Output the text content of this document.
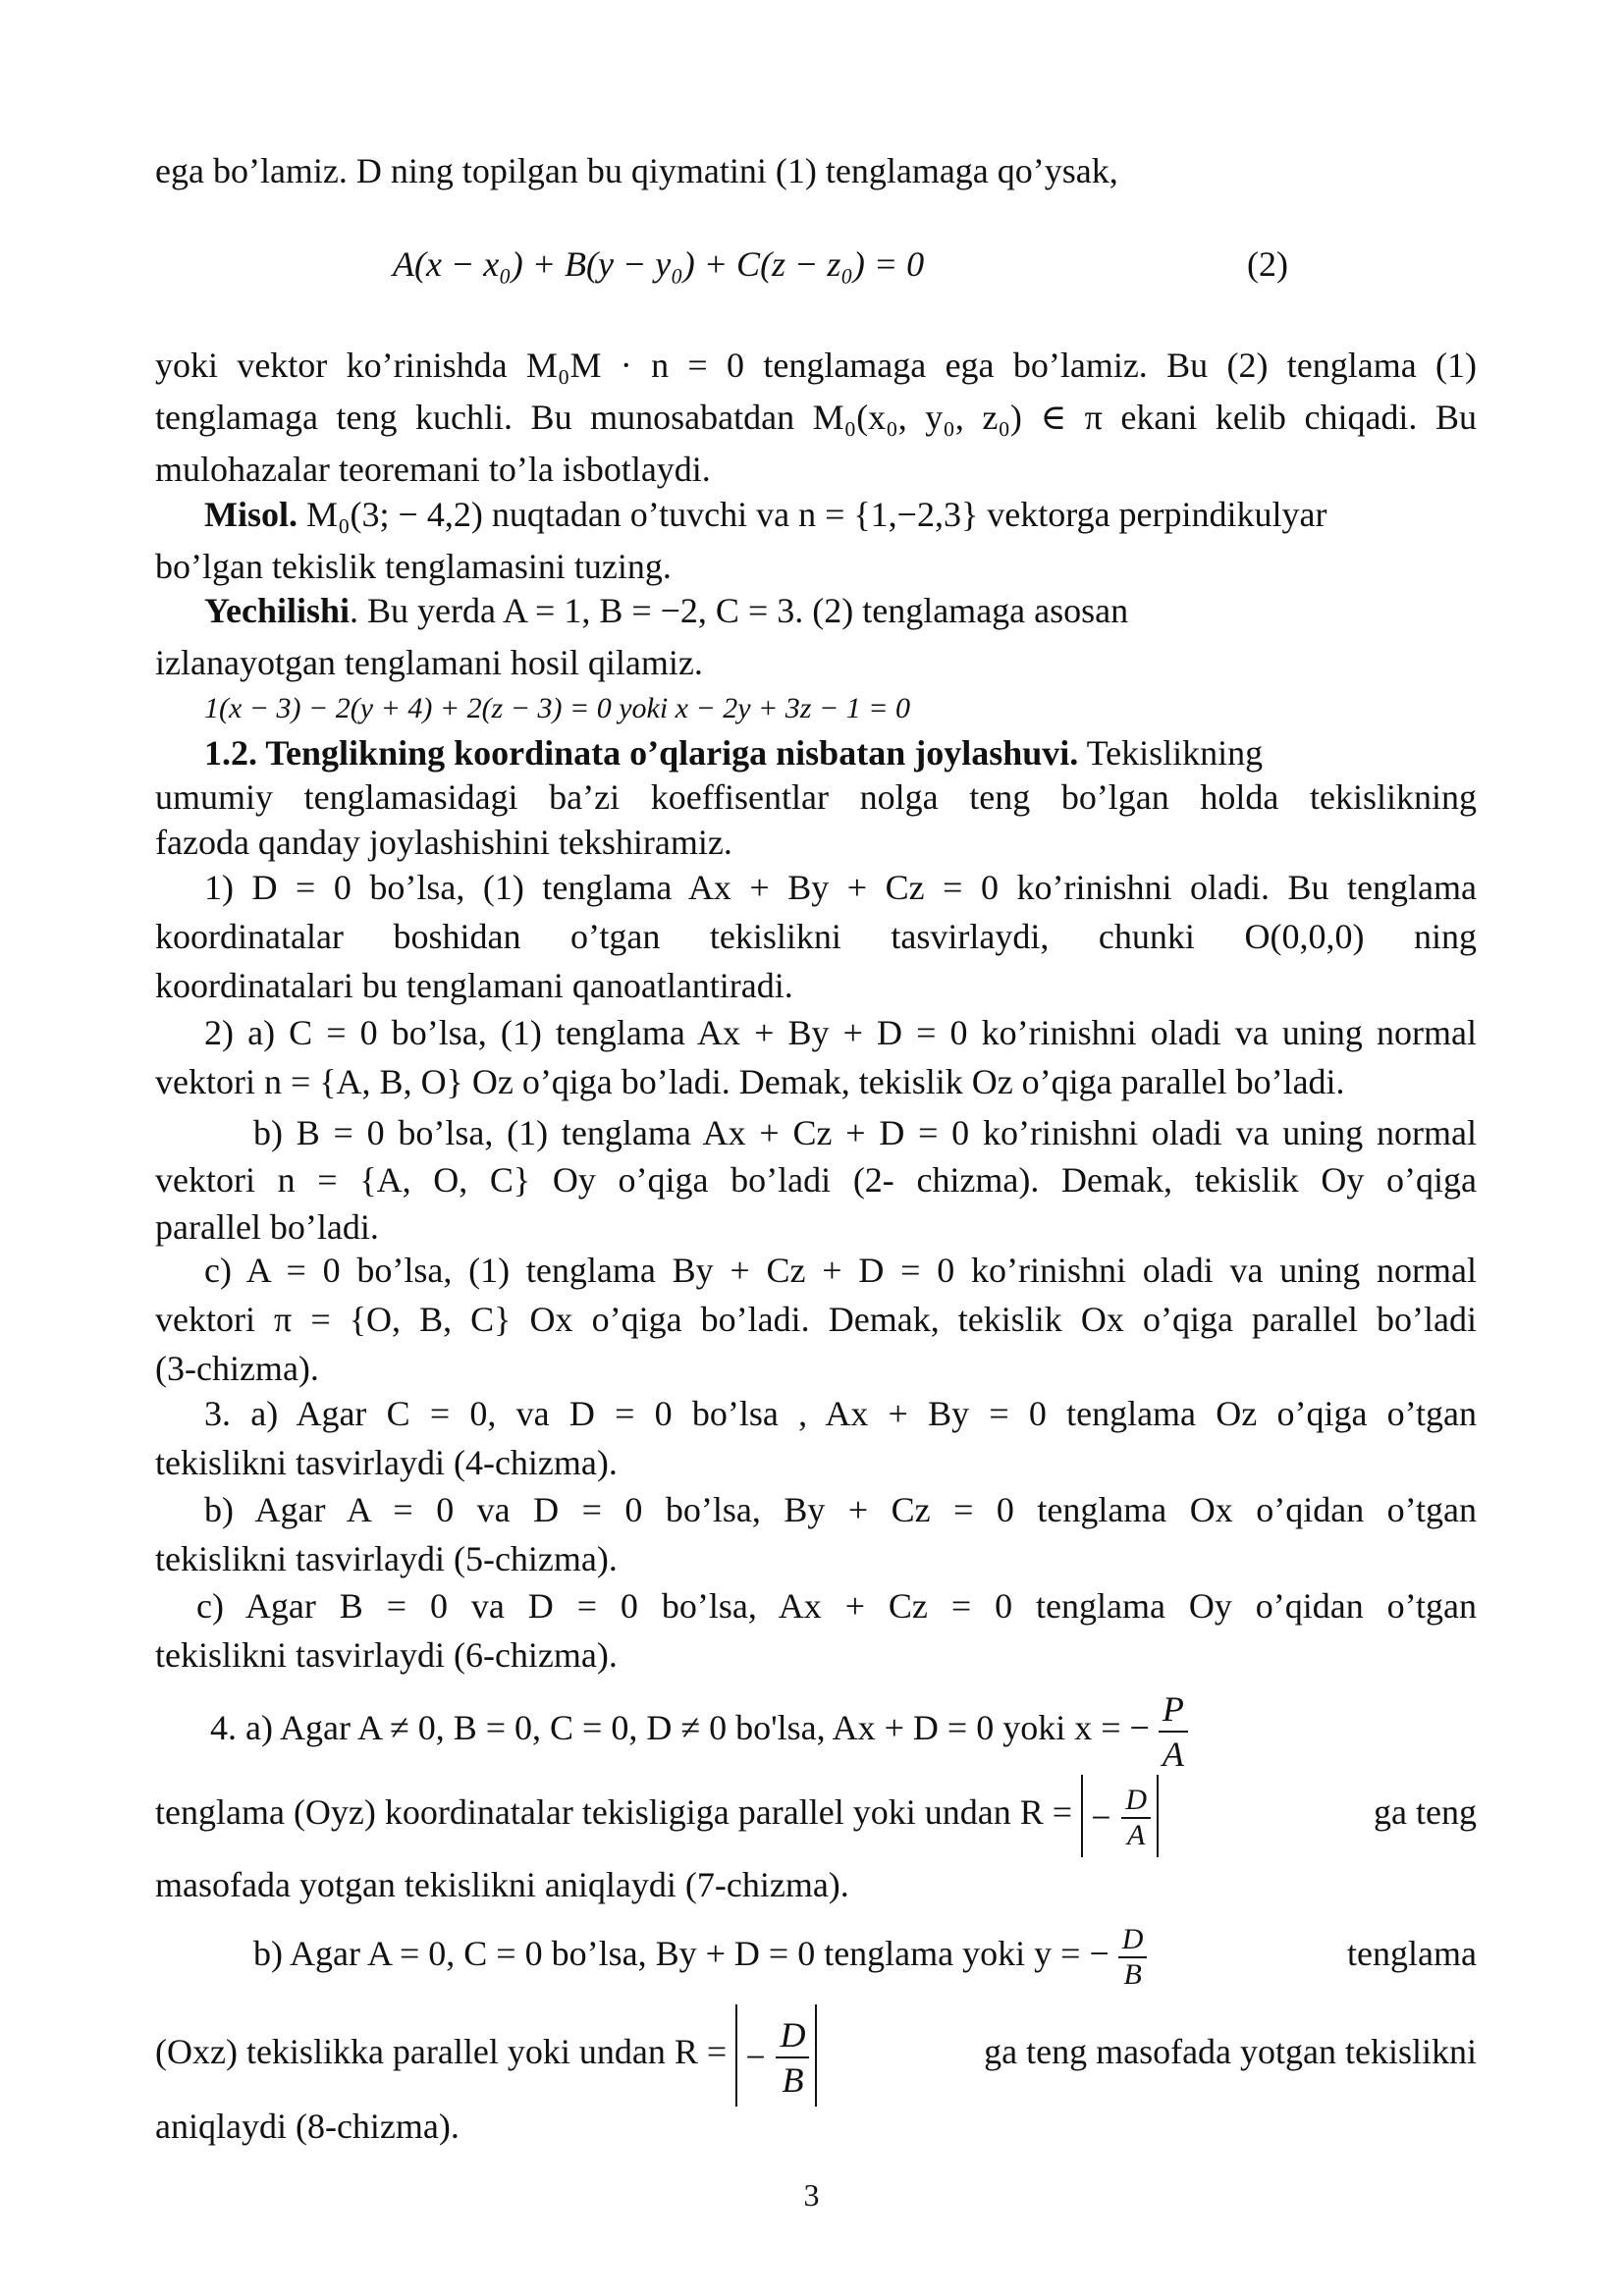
ega bo’lamiz. D ning topilgan bu qiymatini (1) tenglamaga qo’ysak,
A(x − x₀) + B(y − y₀) + C(z − z₀) = 0	(2)
yoki vektor ko’rinishda M₀M · n = 0 tenglamaga ega bo’lamiz. Bu (2) tenglama (1)
tenglamaga teng kuchli. Bu munosabatdan M₀(x₀, y₀, z₀) ∈ π ekani kelib chiqadi. Bu
mulohazalar teoremani to’la isbotlaydi.
Misol. M₀(3; − 4,2) nuqtadan o’tuvchi va n = {1,−2,3} vektorga perpindikulyar
bo’lgan tekislik tenglamasini tuzing.
Yechilishi. Bu yerda A = 1, B = −2, C = 3. (2) tenglamaga asosan
izlanayotgan tenglamani hosil qilamiz.
1(x − 3) − 2(y + 4) + 2(z − 3) = 0 yoki x − 2y + 3z − 1 = 0
1.2. Tenglikning koordinata o’qlariga nisbatan joylashuvi. Tekislikning
umumiy tenglamasidagi ba’zi koeffisentlar nolga teng bo’lgan holda tekislikning
fazoda qanday joylashishini tekshiramiz.
1) D = 0 bo’lsa, (1) tenglama Ax + By + Cz = 0 ko’rinishni oladi. Bu tenglama
koordinatalar boshidan o’tgan tekislikni tasvirlaydi, chunki O(0,0,0) ning
koordinatalari bu tenglamani qanoatlantiradi.
2) a) C = 0 bo’lsa, (1) tenglama Ax + By + D = 0 ko’rinishni oladi va uning normal
vektori n = {A, B, O} Oz o’qiga bo’ladi. Demak, tekislik Oz o’qiga parallel bo’ladi.
b) B = 0 bo’lsa, (1) tenglama Ax + Cz + D = 0 ko’rinishni oladi va uning normal
vektori n = {A, O, C} Oy o’qiga bo’ladi (2- chizma). Demak, tekislik Oy o’qiga
parallel bo’ladi.
c) A = 0 bo’lsa, (1) tenglama By + Cz + D = 0 ko’rinishni oladi va uning normal
vektori π = {O, B, C} Ox o’qiga bo’ladi. Demak, tekislik Ox o’qiga parallel bo’ladi
(3-chizma).
3. a) Agar C = 0, va D = 0 bo’lsa , Ax + By = 0 tenglama Oz o’qiga o’tgan
tekislikni tasvirlaydi (4-chizma).
b) Agar A = 0 va D = 0 bo’lsa, By + Cz = 0 tenglama Ox o’qidan o’tgan
tekislikni tasvirlaydi (5-chizma).
c) Agar B = 0 va D = 0 bo’lsa, Ax + Cz = 0 tenglama Oy o’qidan o’tgan
tekislikni tasvirlaydi (6-chizma).
4. a) Agar A ≠ 0, B = 0, C = 0, D ≠ 0 bo'lsa, Ax + D = 0 yoki x = − $\frac{P}{A}$
tenglama (Oyz) koordinatalar tekisligiga parallel yoki undan R = − $\frac{D}{A}$	ga teng
masofada yotgan tekislikni aniqlaydi (7-chizma).
b) Agar A = 0, C = 0 bo’lsa, By + D = 0 tenglama yoki y = − $\frac{D}{B}$	tenglama
(Oxz) tekislikka parallel yoki undan R = − $\frac{D}{B}$	ga teng masofada yotgan tekislikni
aniqlaydi (8-chizma).
3
